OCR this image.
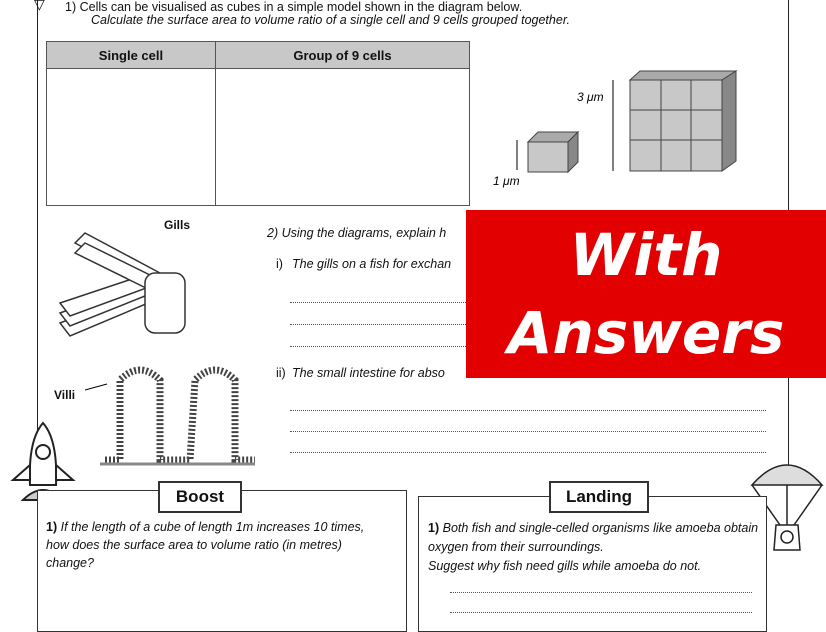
▽ 1) Cells can be visualised as cubes in a simple model shown in the diagram below.
Calculate the surface area to volume ratio of a single cell and 9 cells grouped together.
Single cell	Group of 9 cells

3 μm
1 μm
Gills
Villi
2) Using the diagrams, explain h
i) The gills on a fish for exchan
ii) The small intestine for abso
With
Answers
Boost
1) If the length of a cube of length 1m increases 10 times, how does the surface area to volume ratio (in metres) change?
Landing
1) Both fish and single-celled organisms like amoeba obtain oxygen from their surroundings.
Suggest why fish need gills while amoeba do not.
